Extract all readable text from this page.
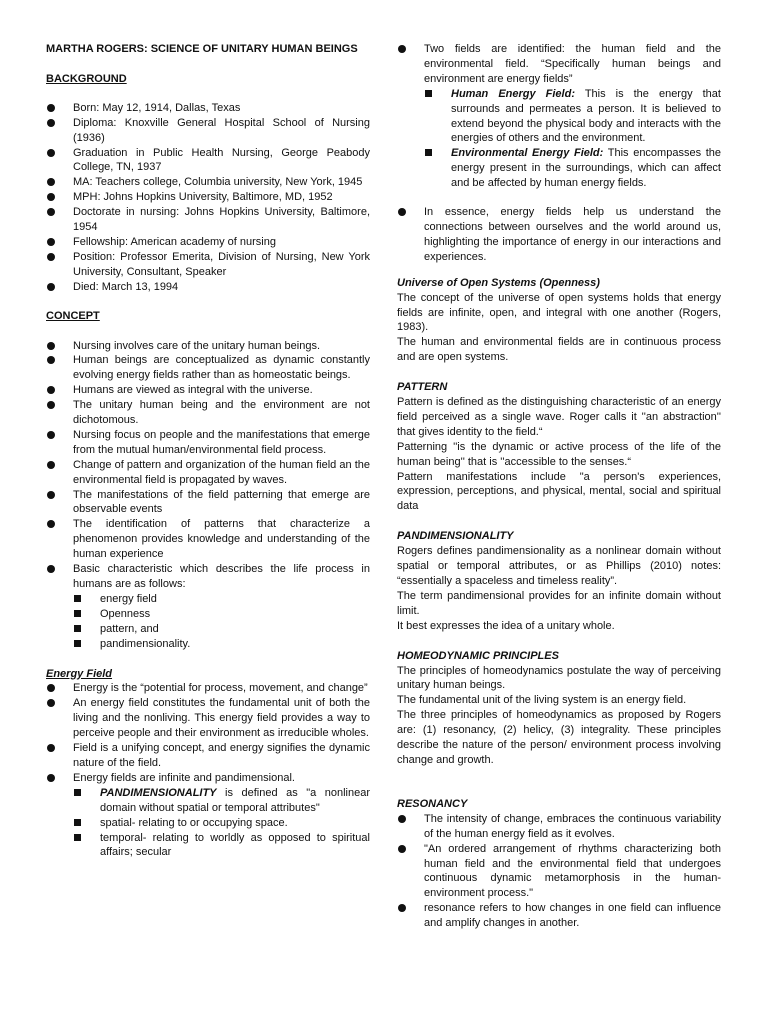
MARTHA ROGERS: SCIENCE OF UNITARY HUMAN BEINGS

BACKGROUND

Born: May 12, 1914, Dallas, Texas
Diploma: Knoxville General Hospital School of Nursing (1936)
Graduation in Public Health Nursing, George Peabody College, TN, 1937
MA: Teachers college, Columbia university, New York, 1945
MPH: Johns Hopkins University, Baltimore, MD, 1952
Doctorate in nursing: Johns Hopkins University, Baltimore, 1954
Fellowship: American academy of nursing
Position: Professor Emerita, Division of Nursing, New York University, Consultant, Speaker
Died: March 13, 1994

CONCEPT

Nursing involves care of the unitary human beings.
Human beings are conceptualized as dynamic constantly evolving energy fields rather than as homeostatic beings.
Humans are viewed as integral with the universe.
The unitary human being and the environment are not dichotomous.
Nursing focus on people and the manifestations that emerge from the mutual human/environmental field process.
Change of pattern and organization of the human field an the environmental field is propagated by waves.
The manifestations of the field patterning that emerge are observable events
The identification of patterns that characterize a phenomenon provides knowledge and understanding of the human experience
Basic characteristic which describes the life process in humans are as follows:
energy field
Openness
pattern, and
pandimensionality.

Energy Field

Energy is the “potential for process, movement, and change”
An energy field constitutes the fundamental unit of both the living and the nonliving. This energy field provides a way to perceive people and their environment as irreducible wholes.
Field is a unifying concept, and energy signifies the dynamic nature of the field.
Energy fields are infinite and pandimensional.
PANDIMENSIONALITY is defined as "a nonlinear domain without spatial or temporal attributes"
spatial- relating to or occupying space.
temporal- relating to worldly as opposed to spiritual affairs; secular
Two fields are identified: the human field and the environmental field. “Specifically human beings and environment are energy fields”
Human Energy Field: This is the energy that surrounds and permeates a person. It is believed to extend beyond the physical body and interacts with the energies of others and the environment.
Environmental Energy Field: This encompasses the energy present in the surroundings, which can affect and be affected by human energy fields.
In essence, energy fields help us understand the connections between ourselves and the world around us, highlighting the importance of energy in our interactions and experiences.

Universe of Open Systems (Openness)

The concept of the universe of open systems holds that energy fields are infinite, open, and integral with one another (Rogers, 1983).

The human and environmental fields are in continuous process and are open systems.

PATTERN

Pattern is defined as the distinguishing characteristic of an energy field perceived as a single wave. Roger calls it ''an abstraction'' that gives identity to the field.“

Patterning ''is the dynamic or active process of the life of the human being'' that is ''accessible to the senses.“

Pattern manifestations include "a person's experiences, expression, perceptions, and physical, mental, social and spiritual data

PANDIMENSIONALITY

Rogers defines pandimensionality as a nonlinear domain without spatial or temporal attributes, or as Phillips (2010) notes: “essentially a spaceless and timeless reality”.

The term pandimensional provides for an infinite domain without limit.

It best expresses the idea of a unitary whole.

HOMEODYNAMIC PRINCIPLES

The principles of homeodynamics postulate the way of perceiving unitary human beings.

The fundamental unit of the living system is an energy field.

The three principles of homeodynamics as proposed by Rogers are: (1) resonancy, (2) helicy, (3) integrality. These principles describe the nature of the person/ environment process involving change and growth.

RESONANCY

The intensity of change, embraces the continuous variability of the human energy field as it evolves.
"An ordered arrangement of rhythms characterizing both human field and the environmental field that undergoes continuous dynamic metamorphosis in the human-environment process."
resonance refers to how changes in one field can influence and amplify changes in another.
